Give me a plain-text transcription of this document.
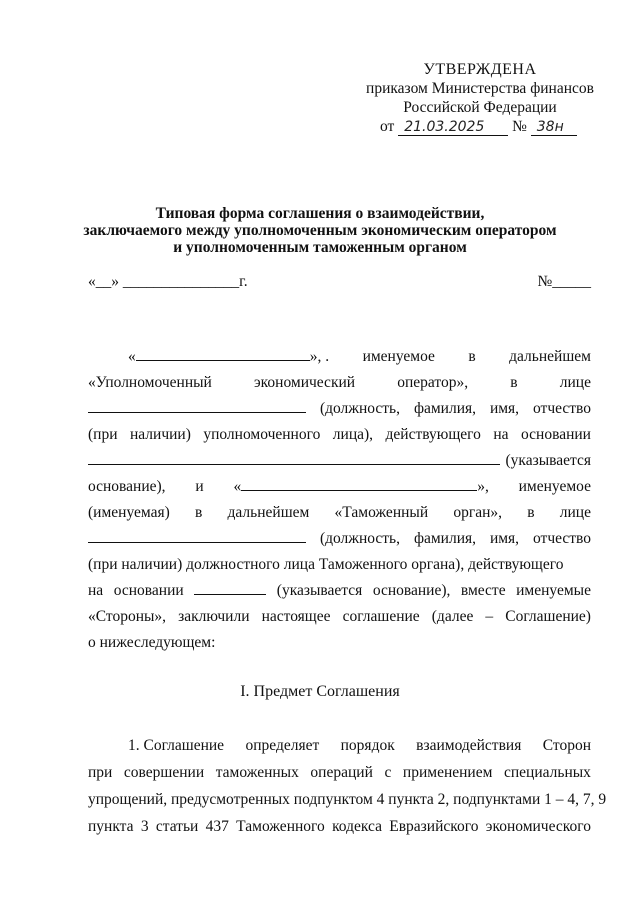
УТВЕРЖДЕНА
приказом Министерства финансов
Российской Федерации
от 21.03.2025 № 38н
Типовая форма соглашения о взаимодействии,
заключаемого между уполномоченным экономическим оператором
и уполномоченным таможенным органом
«__» _______________г.	№_____
«	», . именуемое в дальнейшем
«Уполномоченный	экономический	оператор»,	в	лице
(должность, фамилия, имя, отчество
(при наличии) уполномоченного лица), действующего на основании
(указывается
основание), и «	», именуемое
(именуемая) в дальнейшем «Таможенный орган», в лице
(должность, фамилия, имя, отчество
(при наличии) должностного лица Таможенного органа), действующего
на основании	(указывается основание), вместе именуемые
«Стороны», заключили настоящее соглашение (далее – Соглашение)
о нижеследующем:
I. Предмет Соглашения
1. Соглашение определяет порядок взаимодействия Сторон
при совершении таможенных операций с применением специальных
упрощений, предусмотренных подпунктом 4 пункта 2, подпунктами 1 – 4, 7, 9
пункта 3 статьи 437 Таможенного кодекса Евразийского экономического
